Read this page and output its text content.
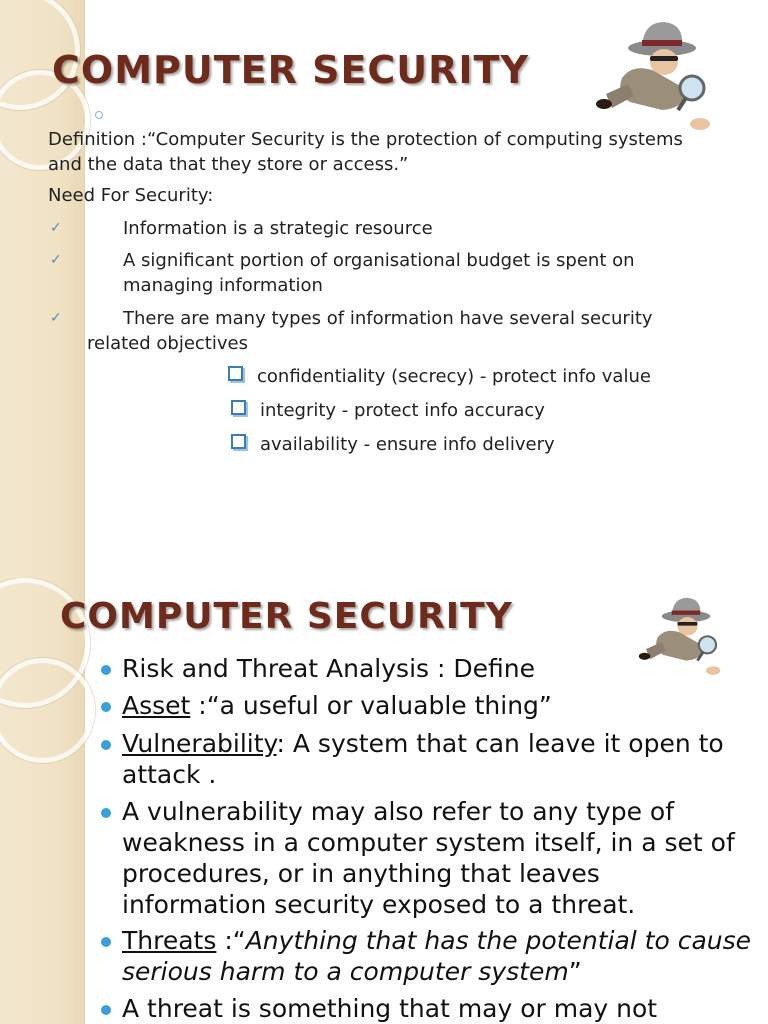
COMPUTER SECURITY

Definition :“Computer Security is the protection of computing systems

and the data that they store or access.”

Need For Security:

✓	Information is a strategic resource

✓	A significant portion of organisational budget is spent on

managing information

✓	There are many types of information have several security

related objectives

confidentiality (secrecy) - protect info value

integrity - protect info accuracy

availability - ensure info delivery

COMPUTER SECURITY

Risk and Threat Analysis : Define

Asset :“a useful or valuable thing”

Vulnerability: A system that can leave it open to

attack .

A vulnerability may also refer to any type of

weakness in a computer system itself, in a set of

procedures, or in anything that leaves

information security exposed to a threat.

Threats :“Anything that has the potential to cause

serious harm to a computer system”

A threat is something that may or may not
